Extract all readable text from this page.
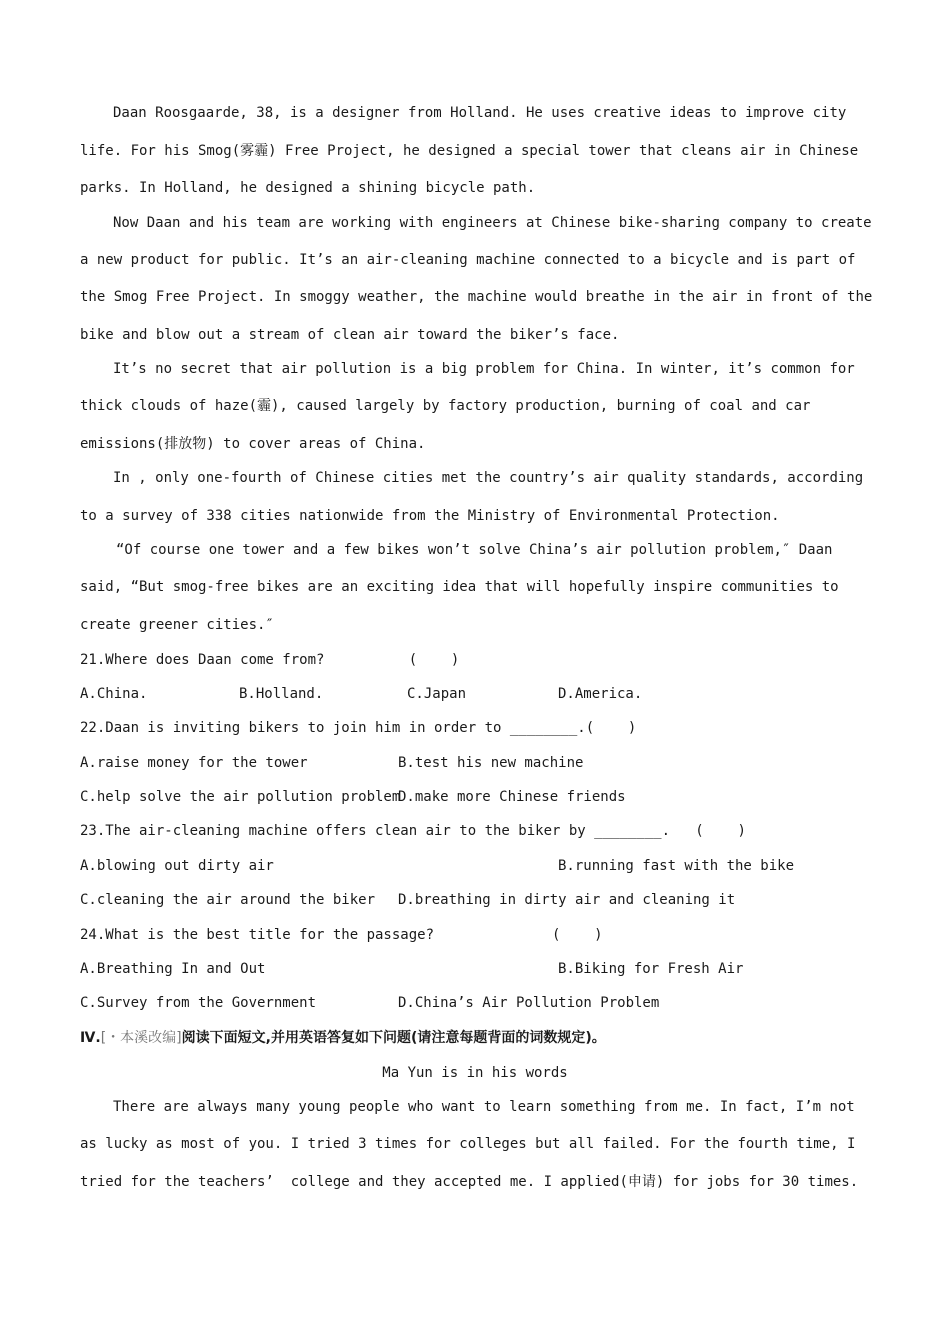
Daan Roosgaarde, 38, is a designer from Holland. He uses creative ideas to improve city
life. For his Smog(雾霾) Free Project, he designed a special tower that cleans air in Chinese
parks. In Holland, he designed a shining bicycle path.
Now Daan and his team are working with engineers at Chinese bike-sharing company to create
a new product for public. It’s an air-cleaning machine connected to a bicycle and is part of
the Smog Free Project. In smoggy weather, the machine would breathe in the air in front of the
bike and blow out a stream of clean air toward the biker’s face.
It’s no secret that air pollution is a big problem for China. In winter, it’s common for
thick clouds of haze(霾), caused largely by factory production, burning of coal and car
emissions(排放物) to cover areas of China.
In , only one-fourth of Chinese cities met the country’s air quality standards, according
to a survey of 338 cities nationwide from the Ministry of Environmental Protection.
“Of course one tower and a few bikes won’t solve China’s air pollution problem,″ Daan
said, “But smog-free bikes are an exciting idea that will hopefully inspire communities to
create greener cities.″
21.Where does Daan come from?          (    )
A.China.	B.Holland.	C.Japan	D.America.
22.Daan is inviting bikers to join him in order to ________.(    )
A.raise money for the tower	B.test his new machine
C.help solve the air pollution problem
D.make more Chinese friends
23.The air-cleaning machine offers clean air to the biker by ________.   (    )
A.blowing out dirty air	B.running fast with the bike
C.cleaning the air around the biker D.breathing in dirty air and cleaning it
24.What is the best title for the passage?              (    )
A.Breathing In and Out	B.Biking for Fresh Air
C.Survey from the Government	D.China’s Air Pollution Problem
Ⅳ.[・本溪改编]阅读下面短文,并用英语答复如下问题(请注意每题背面的词数规定)。
Ma Yun is in his words
There are always many young people who want to learn something from me. In fact, I’m not
as lucky as most of you. I tried 3 times for colleges but all failed. For the fourth time, I
tried for the teachers’  college and they accepted me. I applied(申请) for jobs for 30 times.
